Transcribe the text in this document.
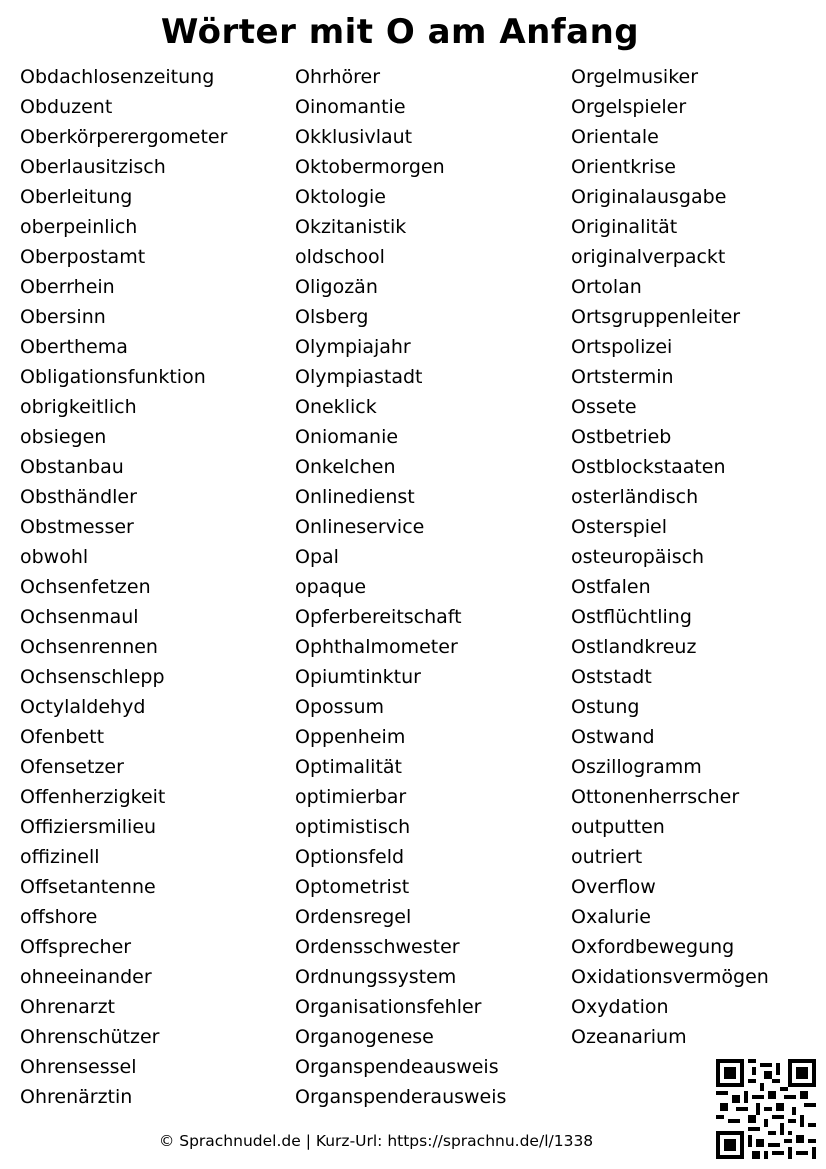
Wörter mit O am Anfang
Obdachlosenzeitung
Obduzent
Oberkörperergometer
Oberlausitzisch
Oberleitung
oberpeinlich
Oberpostamt
Oberrhein
Obersinn
Oberthema
Obligationsfunktion
obrigkeitlich
obsiegen
Obstanbau
Obsthändler
Obstmesser
obwohl
Ochsenfetzen
Ochsenmaul
Ochsenrennen
Ochsenschlepp
Octylaldehyd
Ofenbett
Ofensetzer
Offenherzigkeit
Offiziersmilieu
offizinell
Offsetantenne
offshore
Offsprecher
ohneeinander
Ohrenarzt
Ohrenschützer
Ohrensessel
Ohrenärztin
Ohrhörer
Oinomantie
Okklusivlaut
Oktobermorgen
Oktologie
Okzitanistik
oldschool
Oligozän
Olsberg
Olympiajahr
Olympiastadt
Oneklick
Oniomanie
Onkelchen
Onlinedienst
Onlineservice
Opal
opaque
Opferbereitschaft
Ophthalmometer
Opiumtinktur
Opossum
Oppenheim
Optimalität
optimierbar
optimistisch
Optionsfeld
Optometrist
Ordensregel
Ordensschwester
Ordnungssystem
Organisationsfehler
Organogenese
Organspendeausweis
Organspenderausweis
Orgelmusiker
Orgelspieler
Orientale
Orientkrise
Originalausgabe
Originalität
originalverpackt
Ortolan
Ortsgruppenleiter
Ortspolizei
Ortstermin
Ossete
Ostbetrieb
Ostblockstaaten
osterländisch
Osterspiel
osteuropäisch
Ostfalen
Ostflüchtling
Ostlandkreuz
Oststadt
Ostung
Ostwand
Oszillogramm
Ottonenherrscher
outputten
outriert
Overflow
Oxalurie
Oxfordbewegung
Oxidationsvermögen
Oxydation
Ozeanarium
© Sprachnudel.de | Kurz-Url: https://sprachnu.de/l/1338
